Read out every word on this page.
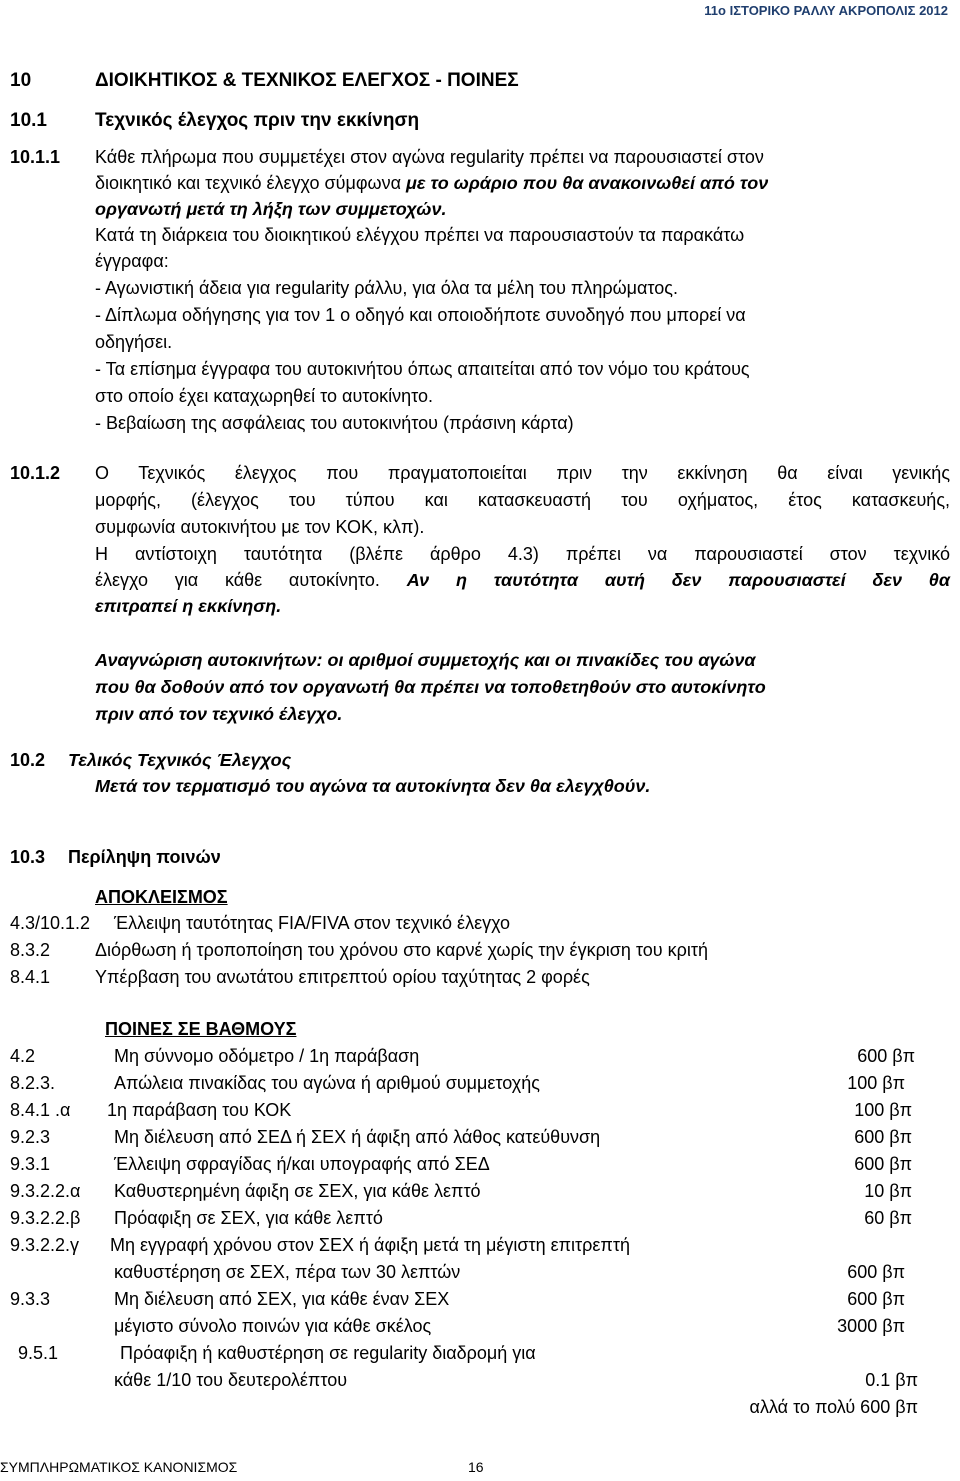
11ο ΙΣΤΟΡΙΚΟ ΡΑΛΛΥ ΑΚΡΟΠΟΛΙΣ 2012
10	ΔΙΟΙΚΗΤΙΚΟΣ & ΤΕΧΝΙΚΟΣ ΕΛΕΓΧΟΣ - ΠΟΙΝΕΣ
10.1	Τεχνικός έλεγχος πριν την εκκίνηση
10.1.1 Κάθε πλήρωμα που συμμετέχει στον αγώνα regularity πρέπει να παρουσιαστεί στον
διοικητικό και τεχνικό έλεγχο σύμφωνα με το ωράριο που θα ανακοινωθεί από τον
οργανωτή μετά τη λήξη των συμμετοχών.
Κατά τη διάρκεια του διοικητικού ελέγχου πρέπει να παρουσιαστούν τα παρακάτω
έγγραφα:
- Αγωνιστική άδεια για regularity ράλλυ, για όλα τα μέλη του πληρώματος.
- Δίπλωμα οδήγησης για τον 1 ο οδηγό και οποιοδήποτε συνοδηγό που μπορεί να
οδηγήσει.
- Τα επίσημα έγγραφα του αυτοκινήτου όπως απαιτείται από τον νόμο του κράτους
στο οποίο έχει καταχωρηθεί το αυτοκίνητο.
- Βεβαίωση της ασφάλειας του αυτοκινήτου (πράσινη κάρτα)
10.1.2 Ο Τεχνικός έλεγχος που πραγματοποιείται πριν την εκκίνηση θα είναι γενικής
μορφής, (έλεγχος του τύπου και κατασκευαστή του οχήματος, έτος κατασκευής,
συμφωνία αυτοκινήτου με τον ΚΟΚ, κλπ).
Η αντίστοιχη ταυτότητα (βλέπε άρθρο 4.3) πρέπει να παρουσιαστεί στον τεχνικό
έλεγχο για κάθε αυτοκίνητο. Αν η ταυτότητα αυτή δεν παρουσιαστεί δεν θα
επιτραπεί η εκκίνηση.
Αναγνώριση αυτοκινήτων: οι αριθμοί συμμετοχής και οι πινακίδες του αγώνα
που θα δοθούν από τον οργανωτή θα πρέπει να τοποθετηθούν στο αυτοκίνητο
πριν από τον τεχνικό έλεγχο.
10.2 Τελικός Τεχνικός Έλεγχος
Μετά τον τερματισμό του αγώνα τα αυτοκίνητα δεν θα ελεγχθούν.
10.3 Περίληψη ποινών
ΑΠΟΚΛΕΙΣΜΟΣ
4.3/10.1.2 Έλλειψη ταυτότητας FIA/FIVA στον τεχνικό έλεγχο
8.3.2 Διόρθωση ή τροποποίηση του χρόνου στο καρνέ χωρίς την έγκριση του κριτή
8.4.1 Υπέρβαση του ανωτάτου επιτρεπτού ορίου ταχύτητας 2 φορές
ΠΟΙΝΕΣ ΣΕ ΒΑΘΜΟΥΣ
4.2	Μη σύννομο οδόμετρο / 1η παράβαση	600 βπ
8.2.3.	Απώλεια πινακίδας του αγώνα ή αριθμού συμμετοχής	100 βπ
8.4.1 .α 1η παράβαση του ΚΟΚ	100 βπ
9.2.3	Μη διέλευση από ΣΕΔ ή ΣΕΧ ή άφιξη από λάθος κατεύθυνση	600 βπ
9.3.1	Έλλειψη σφραγίδας ή/και υπογραφής από ΣΕΔ	600 βπ
9.3.2.2.α Καθυστερημένη άφιξη σε ΣΕΧ, για κάθε λεπτό	10 βπ
9.3.2.2.β Πρόαφιξη σε ΣΕΧ, για κάθε λεπτό	60 βπ
9.3.2.2.γ Μη εγγραφή χρόνου στον ΣΕΧ ή άφιξη μετά τη μέγιστη επιτρεπτή
καθυστέρηση σε ΣΕΧ, πέρα των 30 λεπτών	600 βπ
9.3.3	Μη διέλευση από ΣΕΧ, για κάθε έναν ΣΕΧ	600 βπ
μέγιστο σύνολο ποινών για κάθε σκέλος	3000 βπ
9.5.1	Πρόαφιξη ή καθυστέρηση σε regularity διαδρομή για
κάθε 1/10 του δευτερολέπτου	0.1 βπ
αλλά το πολύ 600 βπ
ΣΥΜΠΛΗΡΩΜΑΤΙΚΟΣ ΚΑΝΟΝΙΣΜΟΣ	16
